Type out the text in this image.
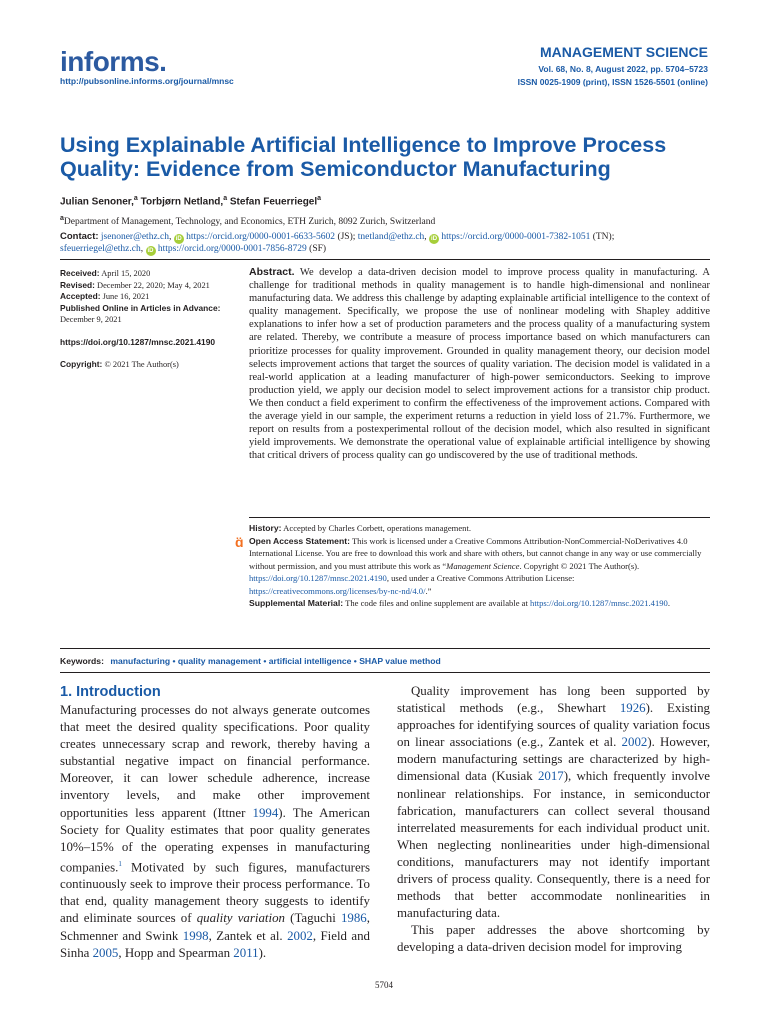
informs.
http://pubsonline.informs.org/journal/mnsc
MANAGEMENT SCIENCE
Vol. 68, No. 8, August 2022, pp. 5704–5723
ISSN 0025-1909 (print), ISSN 1526-5501 (online)
Using Explainable Artificial Intelligence to Improve Process Quality: Evidence from Semiconductor Manufacturing
Julian Senoner,$^a$ Torbjørn Netland,$^a$ Stefan Feuerriegel$^a$
$^a$Department of Management, Technology, and Economics, ETH Zurich, 8092 Zurich, Switzerland
Contact: jsenoner@ethz.ch, iD https://orcid.org/0000-0001-6633-5602 (JS); tnetland@ethz.ch, iD https://orcid.org/0000-0001-7382-1051 (TN);
sfeuerriegel@ethz.ch, iD https://orcid.org/0000-0001-7856-8729 (SF)
Received: April 15, 2020
Revised: December 22, 2020; May 4, 2021
Accepted: June 16, 2021
Published Online in Articles in Advance:
December 9, 2021
https://doi.org/10.1287/mnsc.2021.4190
Copyright: © 2021 The Author(s)
Abstract. We develop a data-driven decision model to improve process quality in manufacturing. A challenge for traditional methods in quality management is to handle high-dimensional and nonlinear manufacturing data. We address this challenge by adapting explainable artificial intelligence to the context of quality management. Specifically, we propose the use of nonlinear modeling with Shapley additive explanations to infer how a set of production parameters and the process quality of a manufacturing system are related. Thereby, we contribute a measure of process importance based on which manufacturers can prioritize processes for quality improvement. Grounded in quality management theory, our decision model selects improvement actions that target the sources of quality variation. The decision model is validated in a real-world application at a leading manufacturer of high-power semiconductors. Seeking to improve production yield, we apply our decision model to select improvement actions for a transistor chip product. We then conduct a field experiment to confirm the effectiveness of the improvement actions. Compared with the average yield in our sample, the experiment returns a reduction in yield loss of 21.7%. Furthermore, we report on results from a postexperimental rollout of the decision model, which also resulted in significant yield improvements. We demonstrate the operational value of explainable artificial intelligence by showing that critical drivers of process quality can go undiscovered by the use of traditional methods.
History: Accepted by Charles Corbett, operations management.
ɑ̈ Open Access Statement: This work is licensed under a Creative Commons Attribution-NonCommercial-NoDerivatives 4.0 International License. You are free to download this work and share with others, but cannot change in any way or use commercially without permission, and you must attribute this work as “Management Science. Copyright © 2021 The Author(s). https://doi.org/10.1287/mnsc.2021.4190, used under a Creative Commons Attribution License: https://creativecommons.org/licenses/by-nc-nd/4.0/.”
Supplemental Material: The code files and online supplement are available at https://doi.org/10.1287/mnsc.2021.4190.
Keywords: manufacturing • quality management • artificial intelligence • SHAP value method
1. Introduction

Manufacturing processes do not always generate outcomes that meet the desired quality specifications. Poor quality creates unnecessary scrap and rework, thereby having a substantial negative impact on financial performance. Moreover, it can lower schedule adherence, increase inventory levels, and make other improvement opportunities less apparent (Ittner 1994). The American Society for Quality estimates that poor quality generates 10%–15% of the operating expenses in manufacturing companies.$^1$ Motivated by such figures, manufacturers continuously seek to improve their process performance. To that end, quality management theory suggests to identify and eliminate sources of quality variation (Taguchi 1986, Schmenner and Swink 1998, Zantek et al. 2002, Field and Sinha 2005, Hopp and Spearman 2011).

Quality improvement has long been supported by statistical methods (e.g., Shewhart 1926). Existing approaches for identifying sources of quality variation focus on linear associations (e.g., Zantek et al. 2002). However, modern manufacturing settings are characterized by high-dimensional data (Kusiak 2017), which frequently involve nonlinear relationships. For instance, in semiconductor fabrication, manufacturers can collect several thousand interrelated measurements for each individual product unit. When neglecting nonlinearities under high-dimensional conditions, manufacturers may not identify important drivers of process quality. Consequently, there is a need for methods that better accommodate nonlinearities in manufacturing data.

This paper addresses the above shortcoming by developing a data-driven decision model for improving

5704
